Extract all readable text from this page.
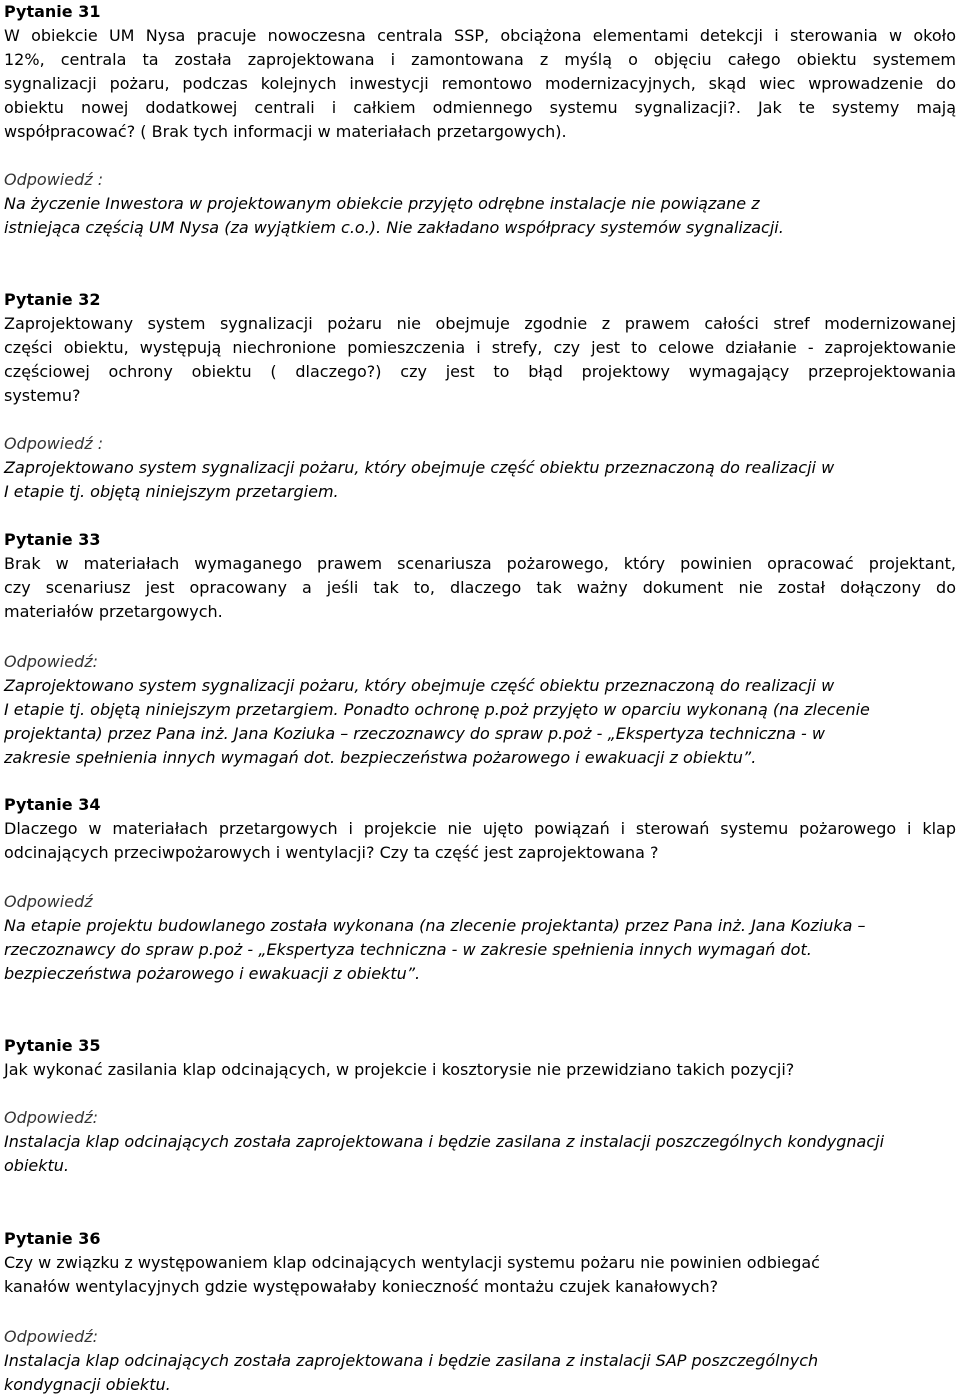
Pytanie 31
W obiekcie UM Nysa pracuje nowoczesna centrala SSP, obciążona elementami detekcji i sterowania w około
12%, centrala ta została zaprojektowana i zamontowana z myślą o objęciu całego obiektu systemem
sygnalizacji pożaru, podczas kolejnych inwestycji remontowo modernizacyjnych, skąd wiec wprowadzenie do
obiektu nowej dodatkowej centrali i całkiem odmiennego systemu sygnalizacji?. Jak te systemy mają
współpracować? ( Brak tych informacji w materiałach przetargowych).
Odpowiedź :
Na życzenie Inwestora w projektowanym obiekcie przyjęto odrębne instalacje nie powiązane z
istniejąca częścią UM Nysa (za wyjątkiem c.o.). Nie zakładano współpracy systemów sygnalizacji.
Pytanie 32
Zaprojektowany system sygnalizacji pożaru nie obejmuje zgodnie z prawem całości stref modernizowanej
części obiektu, występują niechronione pomieszczenia i strefy, czy jest to celowe działanie - zaprojektowanie
częściowej ochrony obiektu ( dlaczego?) czy jest to błąd projektowy wymagający przeprojektowania
systemu?
Odpowiedź :
Zaprojektowano system sygnalizacji pożaru, który obejmuje część obiektu przeznaczoną do realizacji w
I etapie tj. objętą niniejszym przetargiem.
Pytanie 33
Brak w materiałach wymaganego prawem scenariusza pożarowego, który powinien opracować projektant,
czy scenariusz jest opracowany a jeśli tak to, dlaczego tak ważny dokument nie został dołączony do
materiałów przetargowych.
Odpowiedź:
Zaprojektowano system sygnalizacji pożaru, który obejmuje część obiektu przeznaczoną do realizacji w
I etapie tj. objętą niniejszym przetargiem. Ponadto ochronę p.poż przyjęto w oparciu wykonaną (na zlecenie
projektanta) przez Pana inż. Jana Koziuka – rzeczoznawcy do spraw p.poż - „Ekspertyza techniczna - w
zakresie spełnienia innych wymagań dot. bezpieczeństwa pożarowego i ewakuacji z obiektu”.
Pytanie 34
Dlaczego w materiałach przetargowych i projekcie nie ujęto powiązań i sterowań systemu pożarowego i klap
odcinających przeciwpożarowych i wentylacji? Czy ta część jest zaprojektowana ?
Odpowiedź
Na etapie projektu budowlanego została wykonana (na zlecenie projektanta) przez Pana inż. Jana Koziuka –
rzeczoznawcy do spraw p.poż - „Ekspertyza techniczna - w zakresie spełnienia innych wymagań dot.
bezpieczeństwa pożarowego i ewakuacji z obiektu”.
Pytanie 35
Jak wykonać zasilania klap odcinających, w projekcie i kosztorysie nie przewidziano takich pozycji?
Odpowiedź:
Instalacja klap odcinających została zaprojektowana i będzie zasilana z instalacji poszczególnych kondygnacji
obiektu.
Pytanie 36
Czy w związku z występowaniem klap odcinających wentylacji systemu pożaru nie powinien odbiegać
kanałów wentylacyjnych gdzie występowałaby konieczność montażu czujek kanałowych?
Odpowiedź:
Instalacja klap odcinających została zaprojektowana i będzie zasilana z instalacji SAP poszczególnych
kondygnacji obiektu.
